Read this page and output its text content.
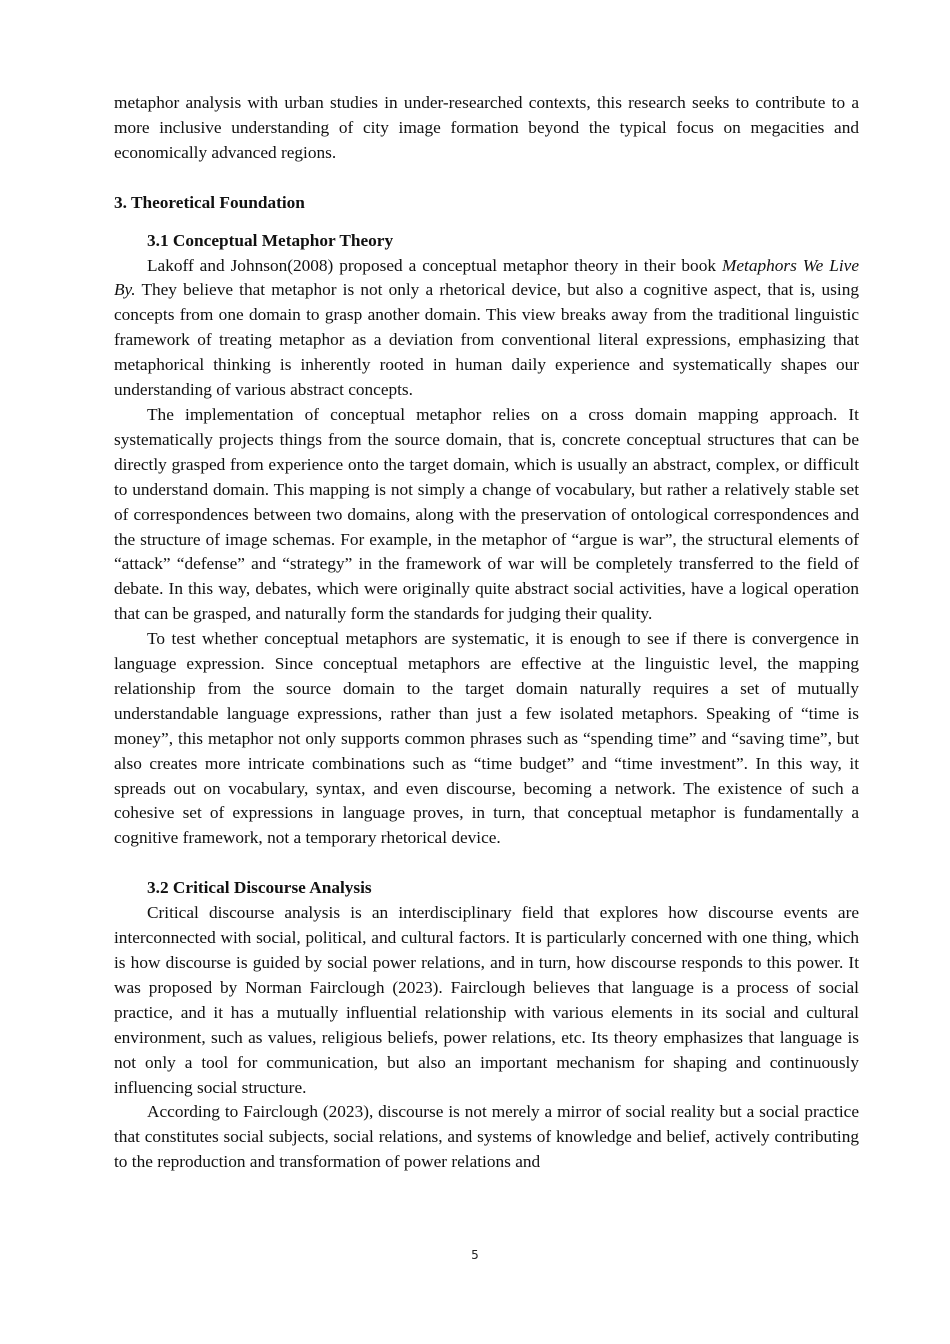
metaphor analysis with urban studies in under-researched contexts, this research seeks to contribute to a more inclusive understanding of city image formation beyond the typical focus on megacities and economically advanced regions.

3. Theoretical Foundation
3.1 Conceptual Metaphor Theory

Lakoff and Johnson(2008) proposed a conceptual metaphor theory in their book Metaphors We Live By. They believe that metaphor is not only a rhetorical device, but also a cognitive aspect, that is, using concepts from one domain to grasp another domain. This view breaks away from the traditional linguistic framework of treating metaphor as a deviation from conventional literal expressions, emphasizing that metaphorical thinking is inherently rooted in human daily experience and systematically shapes our understanding of various abstract concepts.

The implementation of conceptual metaphor relies on a cross domain mapping approach. It systematically projects things from the source domain, that is, concrete conceptual structures that can be directly grasped from experience onto the target domain, which is usually an abstract, complex, or difficult to understand domain. This mapping is not simply a change of vocabulary, but rather a relatively stable set of correspondences between two domains, along with the preservation of ontological correspondences and the structure of image schemas. For example, in the metaphor of “argue is war”, the structural elements of “attack” “defense” and “strategy” in the framework of war will be completely transferred to the field of debate. In this way, debates, which were originally quite abstract social activities, have a logical operation that can be grasped, and naturally form the standards for judging their quality.

To test whether conceptual metaphors are systematic, it is enough to see if there is convergence in language expression. Since conceptual metaphors are effective at the linguistic level, the mapping relationship from the source domain to the target domain naturally requires a set of mutually understandable language expressions, rather than just a few isolated metaphors. Speaking of “time is money”, this metaphor not only supports common phrases such as “spending time” and “saving time”, but also creates more intricate combinations such as “time budget” and “time investment”. In this way, it spreads out on vocabulary, syntax, and even discourse, becoming a network. The existence of such a cohesive set of expressions in language proves, in turn, that conceptual metaphor is fundamentally a cognitive framework, not a temporary rhetorical device.

3.2 Critical Discourse Analysis

Critical discourse analysis is an interdisciplinary field that explores how discourse events are interconnected with social, political, and cultural factors. It is particularly concerned with one thing, which is how discourse is guided by social power relations, and in turn, how discourse responds to this power. It was proposed by Norman Fairclough (2023). Fairclough believes that language is a process of social practice, and it has a mutually influential relationship with various elements in its social and cultural environment, such as values, religious beliefs, power relations, etc. Its theory emphasizes that language is not only a tool for communication, but also an important mechanism for shaping and continuously influencing social structure.

According to Fairclough (2023), discourse is not merely a mirror of social reality but a social practice that constitutes social subjects, social relations, and systems of knowledge and belief, actively contributing to the reproduction and transformation of power relations and

5
